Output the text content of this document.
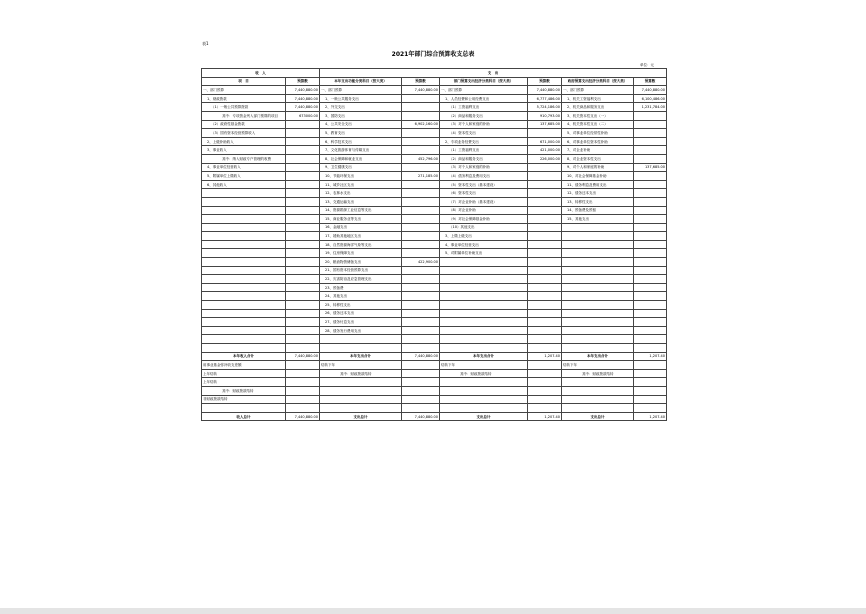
表1
2021年部门综合预算收支总表
单位：元
收　入		支　出					
项　目	预算数	本年支出功能分类科目（按大类）	预算数	部门预算支出经济分类科目（按大类）	预算数	政府预算支出经济分类科目（按大类）	预算数
一、部门预算	7,440,880.00	一、部门预算	7,440,880.00	一、部门预算	7,440,880.00	一、部门预算	7,440,880.00
1、财政拨款	7,440,880.00	1、一般公共服务支出		1、人员经费和公用经费支出	6,777,486.00	1、机关工资福利支出	6,100,486.00
（1）一般公共预算拨款	7,440,880.00	2、外交支出		（1）工资福利支出	5,724,186.00	2、机关商品和服务支出	1,231,784.00
其中：专项资金列入部门预算的项目	673000.00	3、国防支出		（2）商品和服务支出	910,793.00	3、机关资本性支出（一）	
（2）政府性基金拨款		4、公共安全支出	6,902,160.00	（3）对个人和家庭的补助	137,685.00	4、机关资本性支出（二）	
（3）国有资本经营预算收入		5、教育支出		（4）资本性支出		5、对事业单位经常性补助	
2、上级补助收入		6、科学技术支出		2、专项业务经费支出	671,000.00	6、对事业单位资本性补助	
3、事业收入		7、文化旅游体育与传媒支出		（1）工资福利支出	421,000.00	7、对企业补助	
其中：纳入财政专户管理的收费		8、社会保障和就业支出	452,796.00	（2）商品和服务支出	226,000.00	8、对企业资本性支出	
4、事业单位经营收入		9、卫生健康支出		（3）对个人和家庭的补助		9、对个人和家庭的补助	137,685.00
5、附属单位上缴收入		10、节能环保支出	271,185.00	（4）债务利息及费用支出		10、对社会保障基金补助	
6、其他收入		11、城乡社区支出		（5）资本性支出（基本建设）		11、债务利息及费用支出	
		12、农林水支出		（6）资本性支出		12、债务还本支出	
		13、交通运输支出		（7）对企业补助（基本建设）		13、转移性支出	
		14、资源勘探工业信息等支出		（8）对企业补助		14、预备费及预留	
		15、商业服务业等支出		（9）对社会保障基金补助		15、其他支出	
		16、金融支出		（10）其他支出			
		17、援助其他地区支出		3、上缴上级支出			
		18、自然资源海洋气象等支出		4、事业单位经营支出			
		19、住房保障支出		5、对附属单位补助支出			
		20、粮油物资储备支出	422,900.00				
		21、国有资本经营预算支出					
		22、灾害防治及应急管理支出					
		23、预备费					
		24、其他支出					
		25、转移性支出					
		26、债务还本支出					
		27、债务付息支出					
		28、债务发行费用支出					

本年收入合计	7,440,880.00	本年支出合计	7,440,880.00	本年支出合计	1,207.40	本年支出合计	1,207.40
用事业基金弥补收支差额		结转下年		结转下年		结转下年	
上年结转		其中：财政拨款结转		其中：财政拨款结转		其中：财政拨款结转	
上年结转							
其中：财政拨款结转							
非财政拨款结转							

收入总计	7,440,880.00	支出总计	7,440,880.00	支出总计	1,207.40	支出总计	1,207.40
